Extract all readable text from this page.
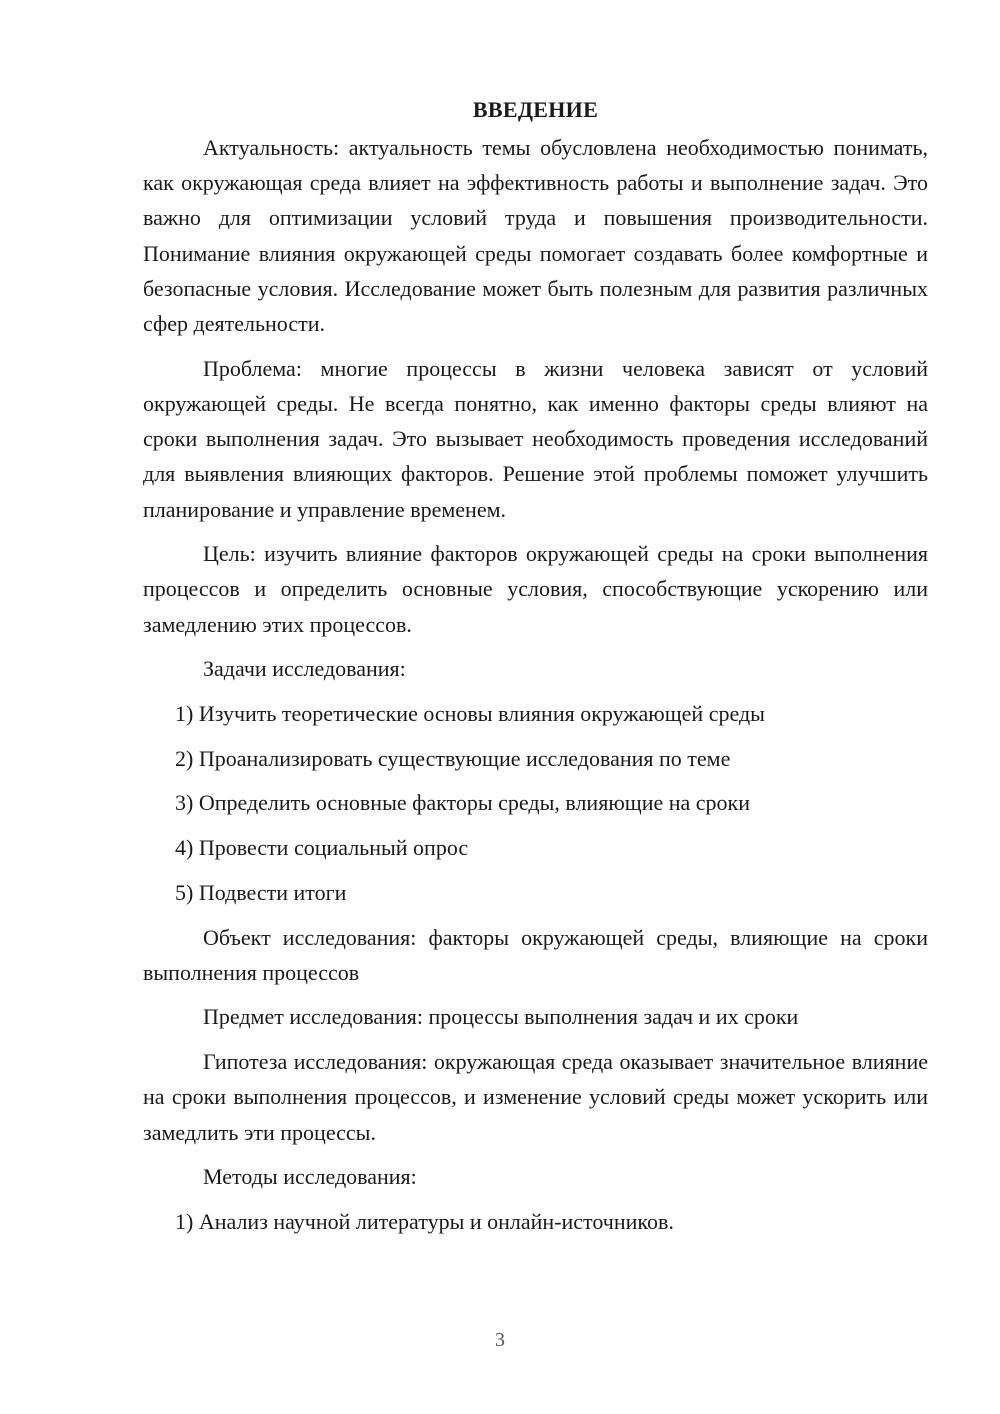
ВВЕДЕНИЕ

Актуальность: актуальность темы обусловлена необходимостью понимать, как окружающая среда влияет на эффективность работы и выполнение задач. Это важно для оптимизации условий труда и повышения производительности. Понимание влияния окружающей среды помогает создавать более комфортные и безопасные условия. Исследование может быть полезным для развития различных сфер деятельности.

Проблема: многие процессы в жизни человека зависят от условий окружающей среды. Не всегда понятно, как именно факторы среды влияют на сроки выполнения задач. Это вызывает необходимость проведения исследований для выявления влияющих факторов. Решение этой проблемы поможет улучшить планирование и управление временем.

Цель: изучить влияние факторов окружающей среды на сроки выполнения процессов и определить основные условия, способствующие ускорению или замедлению этих процессов.

Задачи исследования:

1) Изучить теоретические основы влияния окружающей среды
2) Проанализировать существующие исследования по теме
3) Определить основные факторы среды, влияющие на сроки
4) Провести социальный опрос
5) Подвести итоги

Объект исследования: факторы окружающей среды, влияющие на сроки выполнения процессов

Предмет исследования: процессы выполнения задач и их сроки

Гипотеза исследования: окружающая среда оказывает значительное влияние на сроки выполнения процессов, и изменение условий среды может ускорить или замедлить эти процессы.

Методы исследования:

1) Анализ научной литературы и онлайн-источников.
3
